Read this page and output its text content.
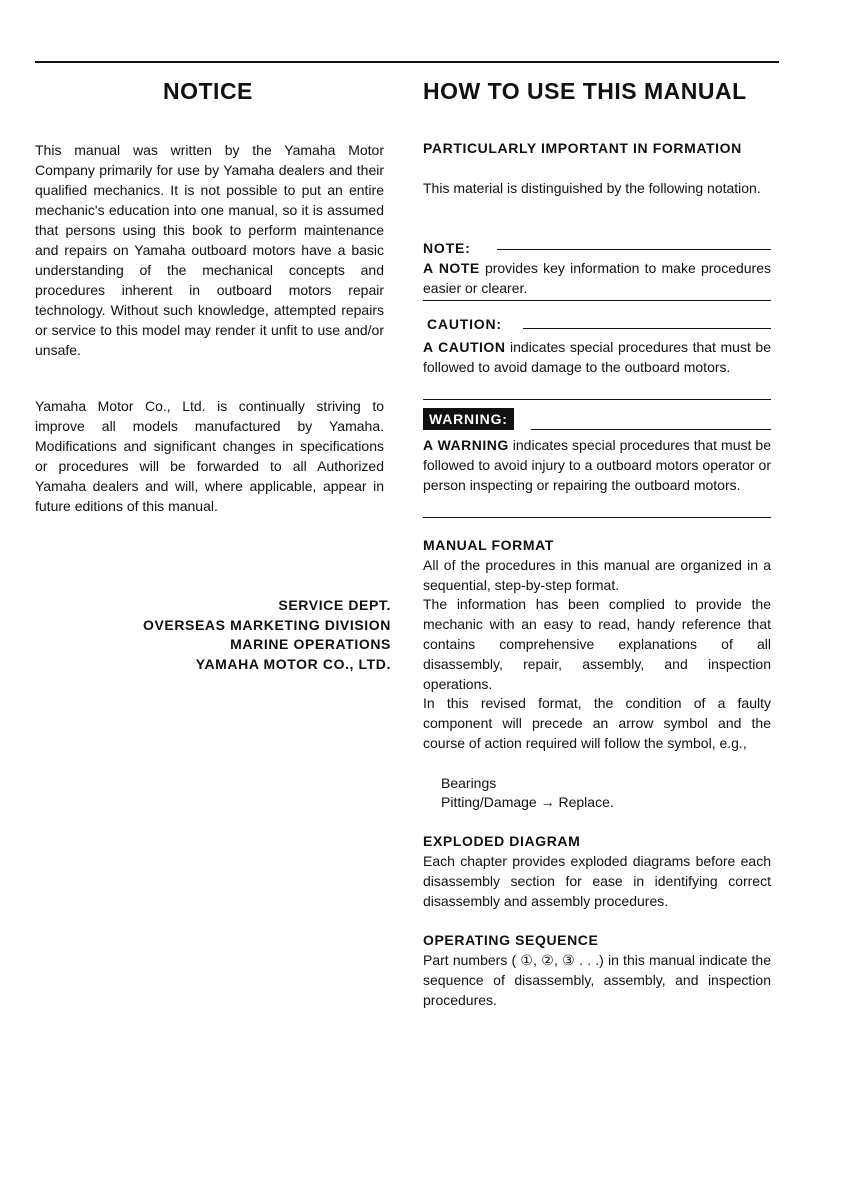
NOTICE

This manual was written by the Yamaha Motor Company primarily for use by Yamaha dealers and their qualified mechanics. It is not possible to put an entire mechanic's education into one manual, so it is assumed that persons using this book to perform maintenance and repairs on Yamaha outboard motors have a basic understanding of the mechanical concepts and procedures inherent in outboard motors repair technology. Without such knowledge, attempted repairs or service to this model may render it unfit to use and/or unsafe.

Yamaha Motor Co., Ltd. is continually striving to improve all models manufactured by Yamaha. Modifications and significant changes in specifications or procedures will be forwarded to all Authorized Yamaha dealers and will, where applicable, appear in future editions of this manual.

SERVICE DEPT.
OVERSEAS MARKETING DIVISION
MARINE OPERATIONS
YAMAHA MOTOR CO., LTD.
HOW TO USE THIS MANUAL

PARTICULARLY IMPORTANT IN FORMATION

This material is distinguished by the following notation.

NOTE:

A NOTE provides key information to make procedures easier or clearer.

CAUTION:

A CAUTION indicates special procedures that must be followed to avoid damage to the outboard motors.

WARNING:

A WARNING indicates special procedures that must be followed to avoid injury to a outboard motors operator or person inspecting or repairing the outboard motors.

MANUAL FORMAT

All of the procedures in this manual are organized in a sequential, step-by-step format.

The information has been complied to provide the mechanic with an easy to read, handy reference that contains comprehensive explanations of all disassembly, repair, assembly, and inspection operations.

In this revised format, the condition of a faulty component will precede an arrow symbol and the course of action required will follow the symbol, e.g.,

Bearings
Pitting/Damage → Replace.

EXPLODED DIAGRAM

Each chapter provides exploded diagrams before each disassembly section for ease in identifying correct disassembly and assembly procedures.

OPERATING SEQUENCE

Part numbers ( ①, ②, ③ . . .) in this manual indicate the sequence of disassembly, assembly, and inspection procedures.
